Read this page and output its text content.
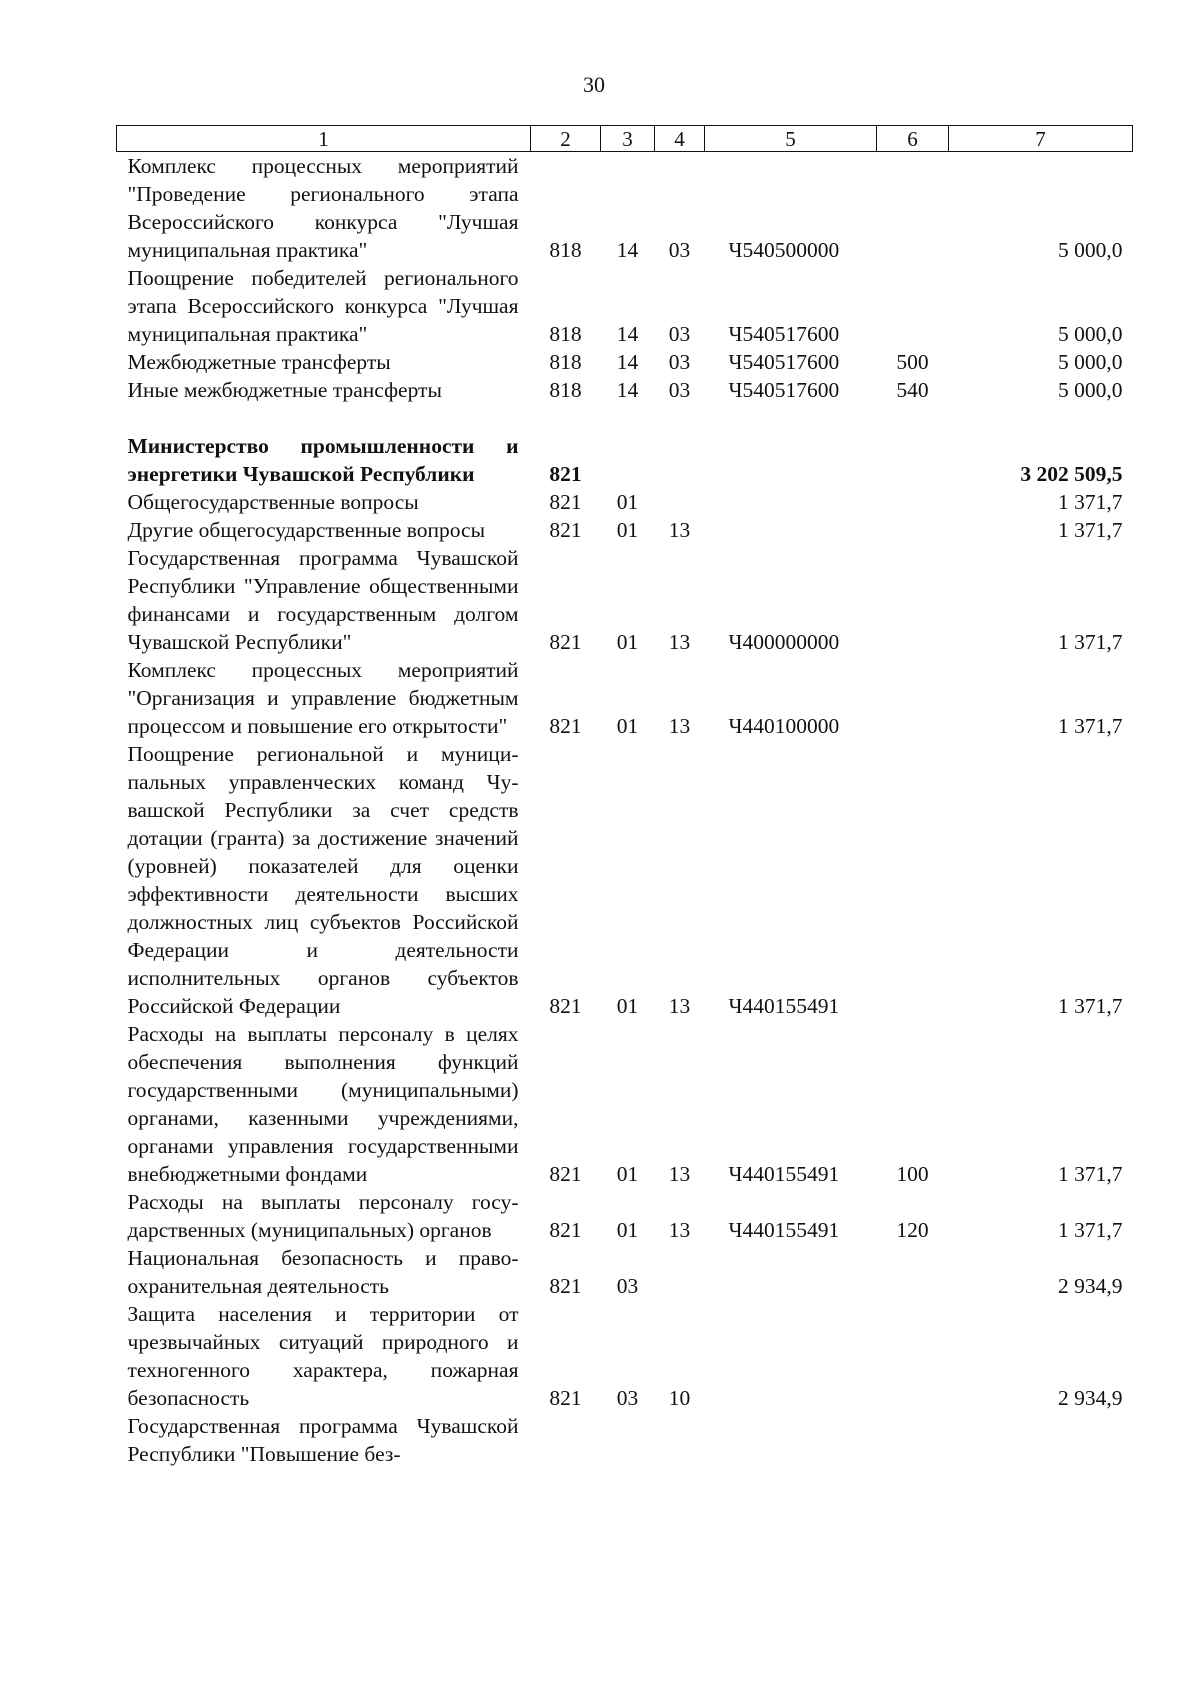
30
1	2	3	4	5	6	7
Комплекс процессных мероприятий "Проведение регионального этапа Всероссийского конкурса "Лучшая муниципальная практика"	818	14	03	Ч540500000		5 000,0
Поощрение победителей регионального этапа Всероссийского конкурса "Лучшая муниципальная практика"	818	14	03	Ч540517600		5 000,0
Межбюджетные трансферты	818	14	03	Ч540517600	500	5 000,0
Иные межбюджетные трансферты	818	14	03	Ч540517600	540	5 000,0

Министерство промышленности и энергетики Чувашской Республики	821					3 202 509,5
Общегосударственные вопросы	821	01				1 371,7
Другие общегосударственные вопросы	821	01	13			1 371,7
Государственная программа Чувашской Республики "Управление общественными финансами и государственным долгом Чувашской Республики"	821	01	13	Ч400000000		1 371,7
Комплекс процессных мероприятий "Организация и управление бюджетным процессом и повышение его открытости"	821	01	13	Ч440100000		1 371,7
Поощрение региональной и муниципальных управленческих команд Чувашской Республики за счет средств дотации (гранта) за достижение значений (уровней) показателей для оценки эффективности деятельности высших должностных лиц субъектов Российской Федерации и деятельности исполнительных органов субъектов Российской Федерации	821	01	13	Ч440155491		1 371,7
Расходы на выплаты персоналу в целях обеспечения выполнения функций государственными (муниципальными) органами, казенными учреждениями, органами управления государственными внебюджетными фондами	821	01	13	Ч440155491	100	1 371,7
Расходы на выплаты персоналу государственных (муниципальных) органов	821	01	13	Ч440155491	120	1 371,7
Национальная безопасность и правоохранительная деятельность	821	03				2 934,9
Защита населения и территории от чрезвычайных ситуаций природного и техногенного характера, пожарная безопасность	821	03	10			2 934,9
Государственная программа Чувашской Республики "Повышение без-						
